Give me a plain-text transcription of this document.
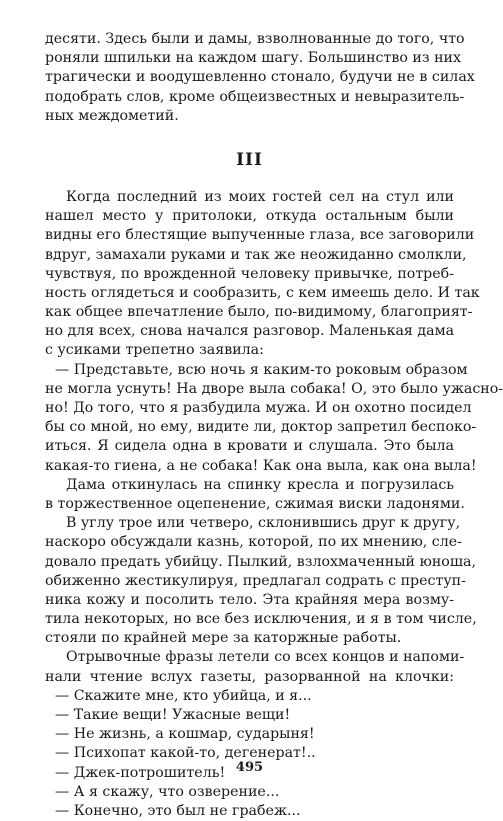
десяти. Здесь были и дамы, взволнованные до того, что
роняли шпильки на каждом шагу. Большинство из них
трагически и воодушевленно стонало, будучи не в силах
подобрать слов, кроме общеизвестных и невыразитель-
ных междометий.
III
Когда последний из моих гостей сел на стул или
нашел место у притолоки, откуда остальным были
видны его блестящие выпученные глаза, все заговорили
вдруг, замахали руками и так же неожиданно смолкли,
чувствуя, по врожденной человеку привычке, потреб-
ность оглядеться и сообразить, с кем имеешь дело. И так
как общее впечатление было, по-видимому, благоприят-
но для всех, снова начался разговор. Маленькая дама
с усиками трепетно заявила:
— Представьте, всю ночь я каким-то роковым образом
не могла уснуть! На дворе выла собака! О, это было ужасно-
но! До того, что я разбудила мужа. И он охотно посидел
бы со мной, но ему, видите ли, доктор запретил беспоко-
иться. Я сидела одна в кровати и слушала. Это была
какая-то гиена, а не собака! Как она выла, как она выла!
Дама откинулась на спинку кресла и погрузилась
в торжественное оцепенение, сжимая виски ладонями.
В углу трое или четверо, склонившись друг к другу,
наскоро обсуждали казнь, которой, по их мнению, сле-
довало предать убийцу. Пылкий, взлохмаченный юноша,
обиженно жестикулируя, предлагал содрать с преступ-
ника кожу и посолить тело. Эта крайняя мера возму-
тила некоторых, но все без исключения, и я в том числе,
стояли по крайней мере за каторжные работы.
Отрывочные фразы летели со всех концов и напоми-
нали чтение вслух газеты, разорванной на клочки:
— Скажите мне, кто убийца, и я...
— Такие вещи! Ужасные вещи!
— Не жизнь, а кошмар, сударыня!
— Психопат какой-то, дегенерат!..
— Джек-потрошитель!
— А я скажу, что озверение...
— Конечно, это был не грабеж...
495
